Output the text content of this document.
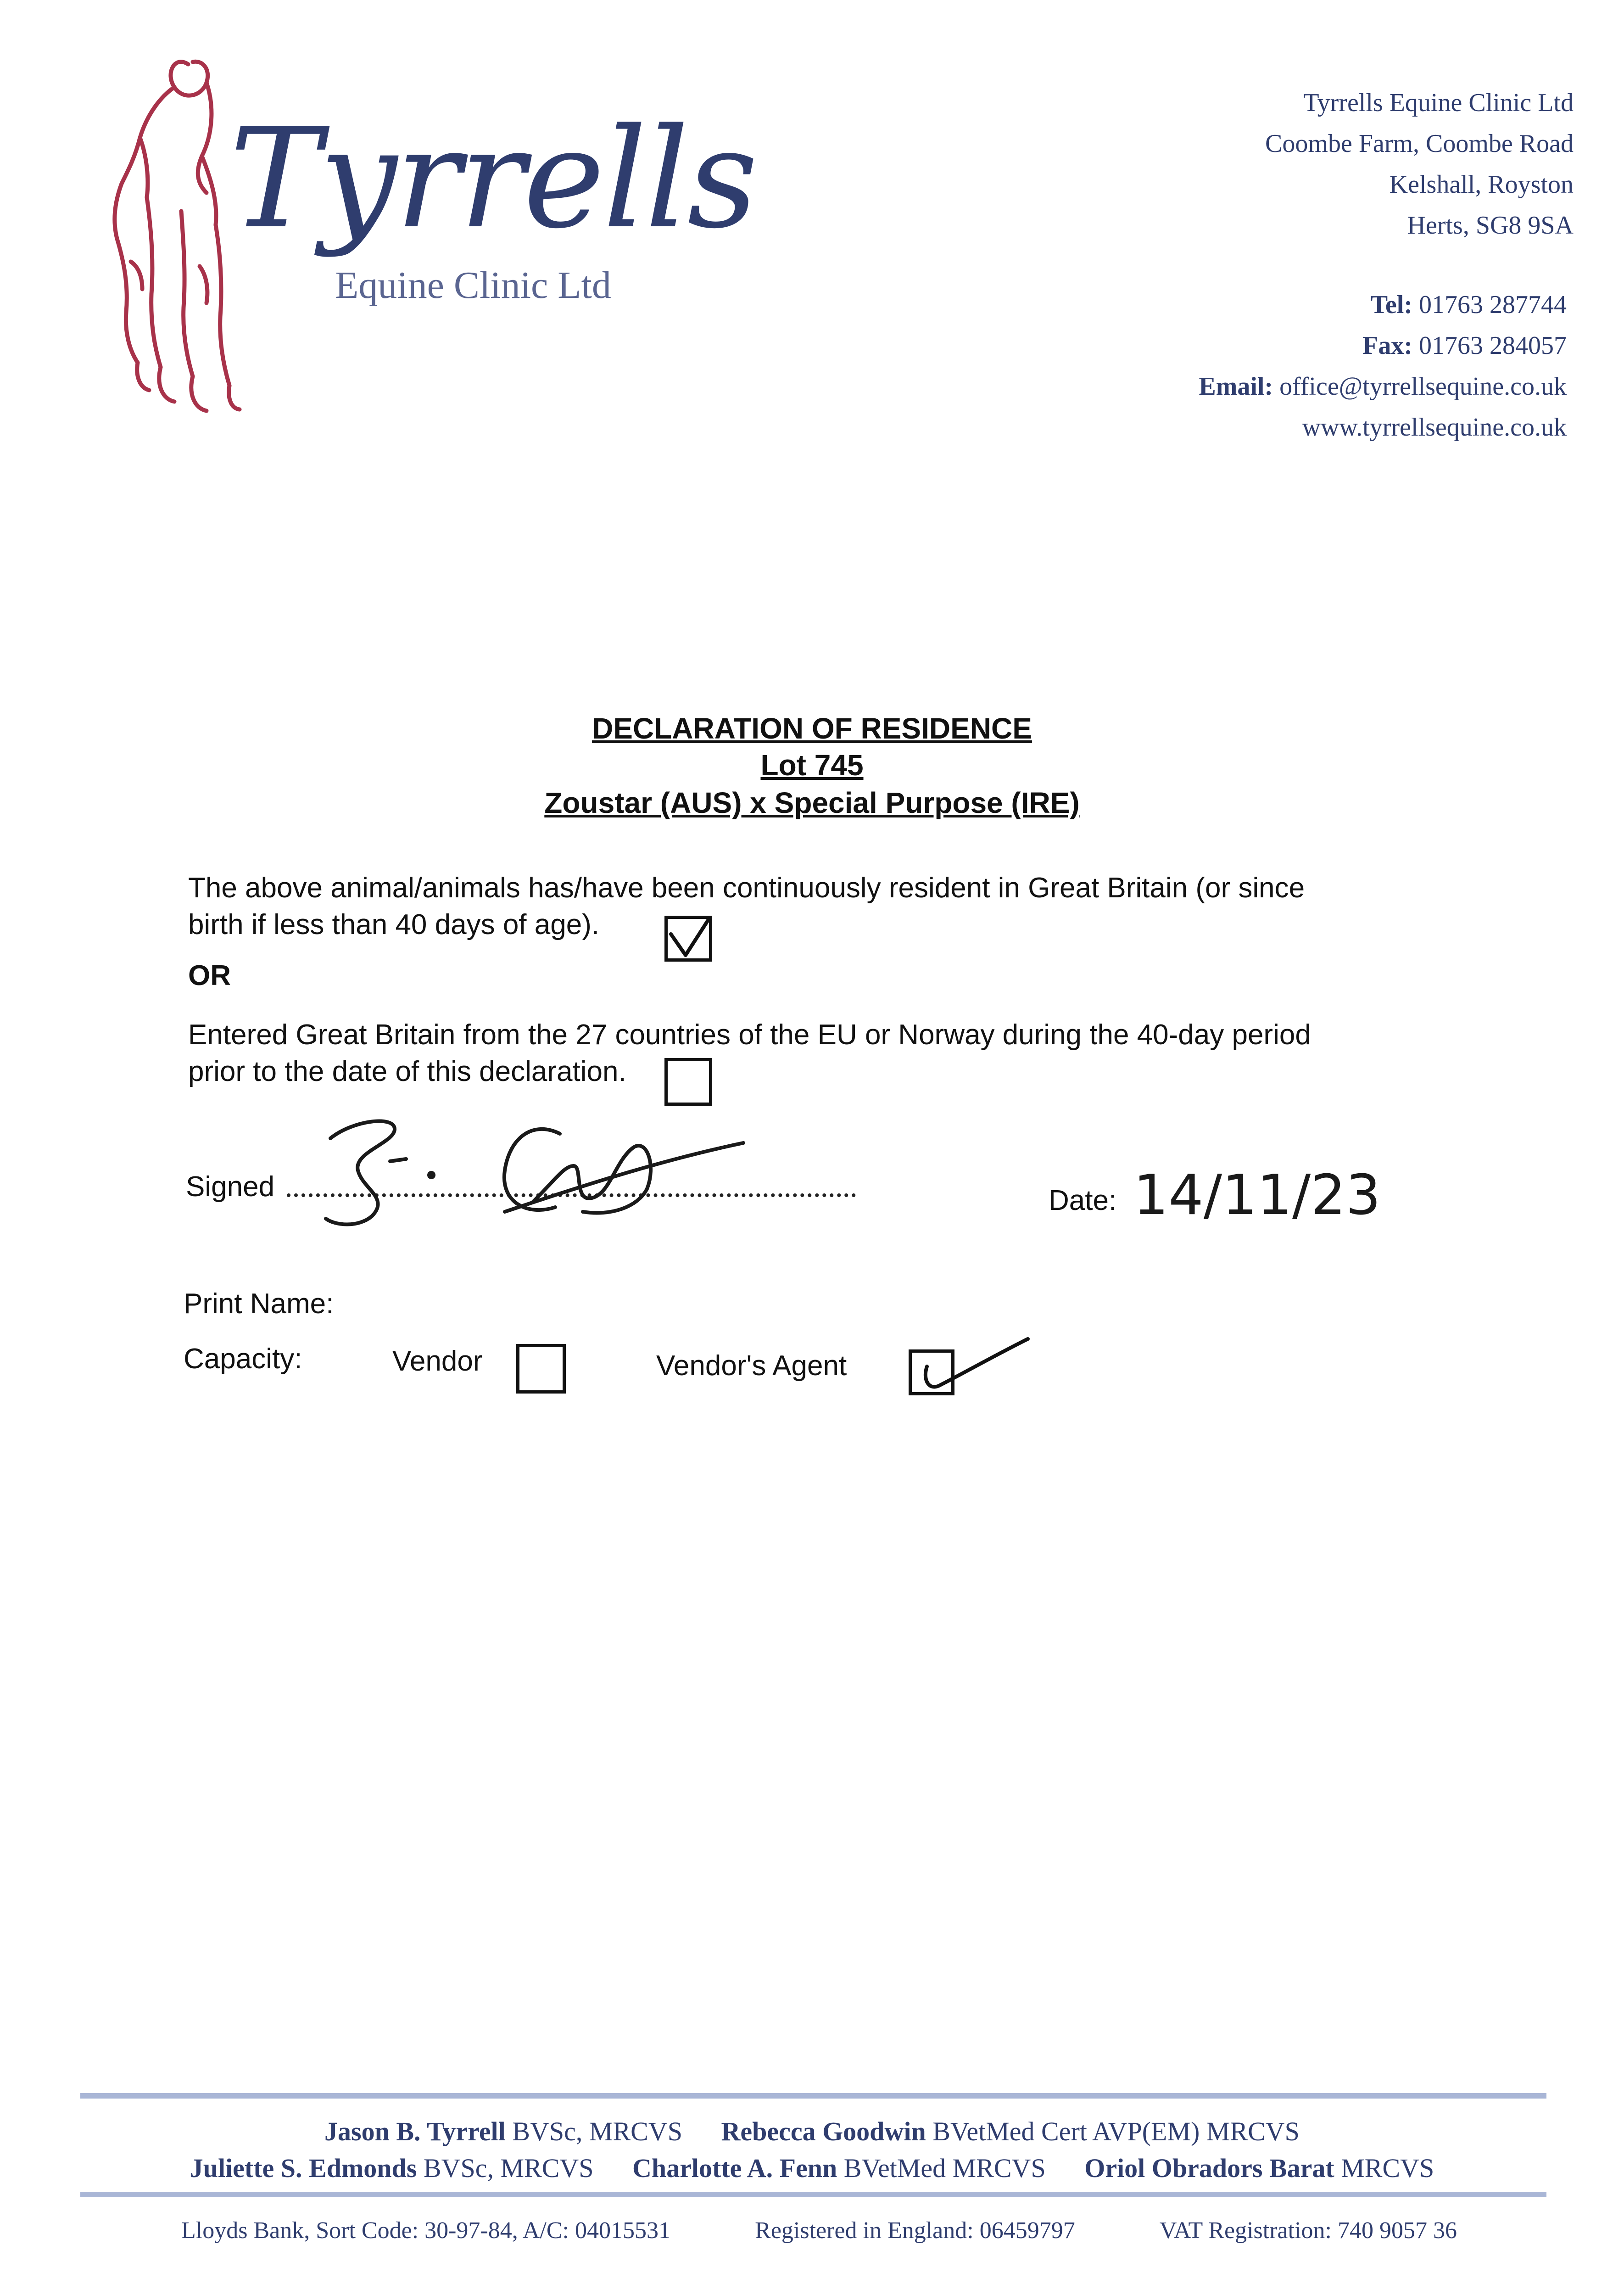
Tyrrells
Equine Clinic Ltd
Tyrrells Equine Clinic Ltd
Coombe Farm, Coombe Road
Kelshall, Royston
Herts, SG8 9SA
Tel: 01763 287744
Fax: 01763 284057
Email: office@tyrrellsequine.co.uk
www.tyrrellsequine.co.uk
DECLARATION OF RESIDENCE
Lot 745
Zoustar (AUS) x Special Purpose (IRE)
The above animal/animals has/have been continuously resident in Great Britain (or since
birth if less than 40 days of age).
OR
Entered Great Britain from the 27 countries of the EU or Norway during the 40-day period
prior to the date of this declaration.
Signed	Date: 14/11/23
Print Name:
Capacity:	Vendor	Vendor's Agent
Jason B. Tyrrell BVSc, MRCVS Rebecca Goodwin BVetMed Cert AVP(EM) MRCVS
Juliette S. Edmonds BVSc, MRCVS Charlotte A. Fenn BVetMed MRCVS Oriol Obradors Barat MRCVS
Lloyds Bank, Sort Code: 30-97-84, A/C: 04015531	Registered in England: 06459797	VAT Registration: 740 9057 36
